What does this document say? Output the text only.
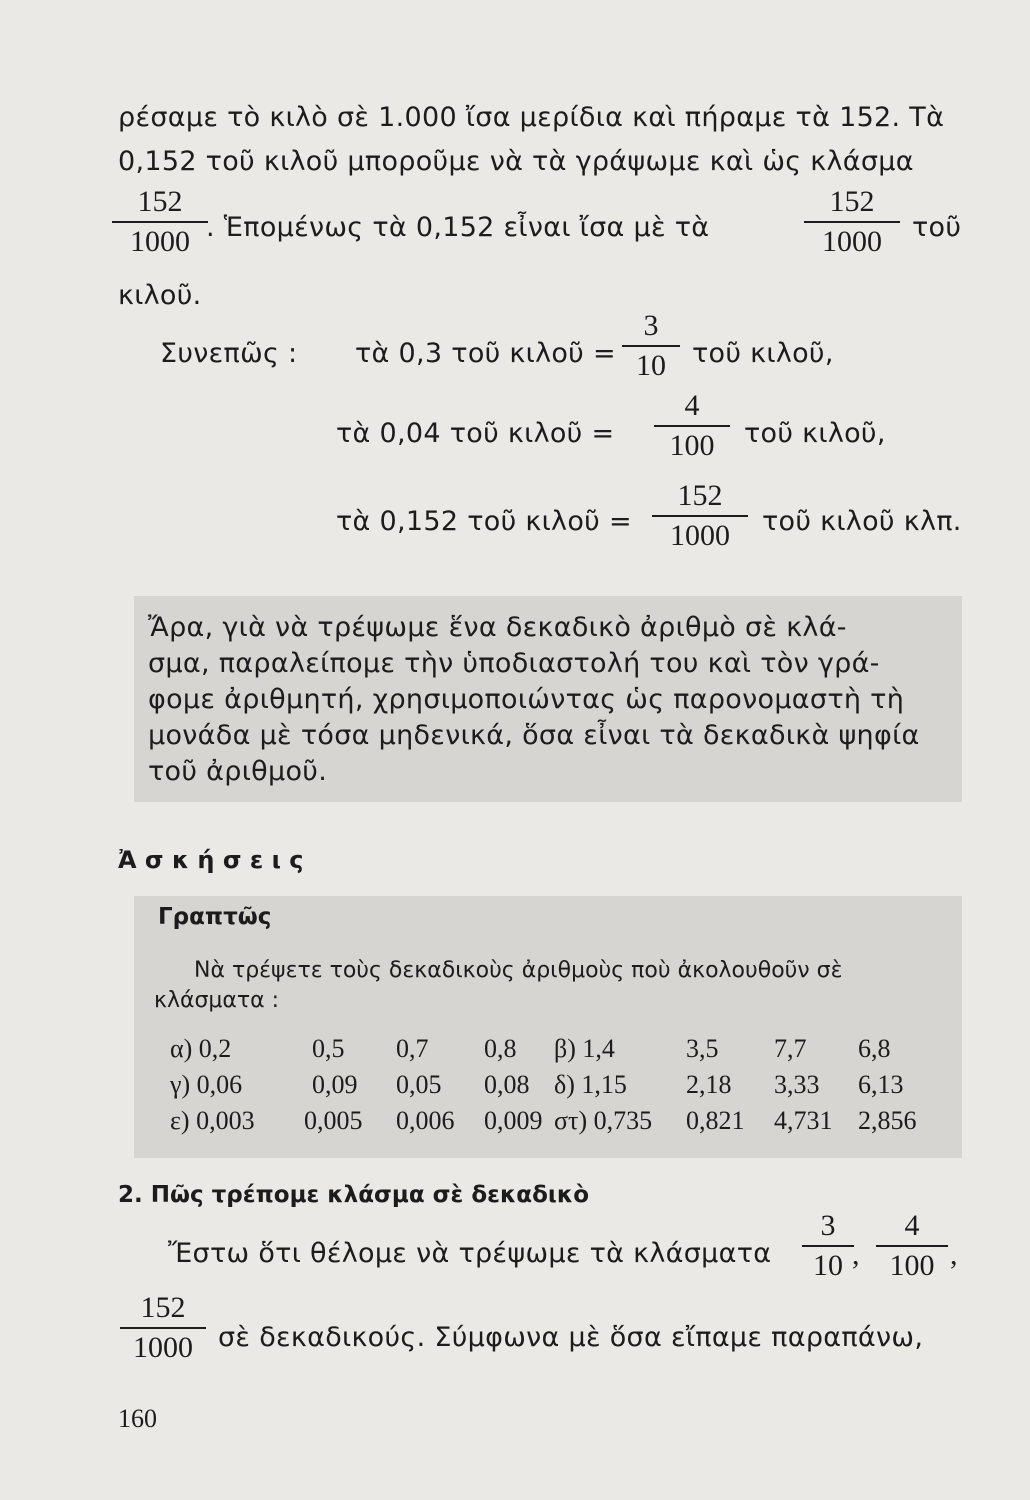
ρέσαμε τὸ κιλὸ σὲ 1.000 ἴσα μερίδια καὶ πήραμε τὰ 152. Τὰ
0,152 τοῦ κιλοῦ μποροῦμε νὰ τὰ γράψωμε καὶ ὡς κλάσμα
152
1000 . Ἑπομένως τὰ 0,152 εἶναι ἴσα μὲ τὰ
152
1000	τοῦ
κιλοῦ.
Συνεπῶς : τὰ 0,3 τοῦ κιλοῦ =
3
10 τοῦ κιλοῦ,
τὰ 0,04 τοῦ κιλοῦ =
4
100	τοῦ κιλοῦ,
τὰ 0,152 τοῦ κιλοῦ =
152
1000	τοῦ κιλοῦ κλπ.
Ἄρα, γιὰ νὰ τρέψωμε ἕνα δεκαδικὸ ἀριθμὸ σὲ κλά-
σμα, παραλείπομε τὴν ὑποδιαστολή του καὶ τὸν γρά-
φομε ἀριθμητή, χρησιμοποιώντας ὡς παρονομαστὴ τὴ
μονάδα μὲ τόσα μηδενικά, ὅσα εἶναι τὰ δεκαδικὰ ψηφία
τοῦ ἀριθμοῦ.
Ἀ σ κ ή σ ε ι ς
Γραπτῶς
Νὰ τρέψετε τοὺς δεκαδικοὺς ἀριθμοὺς ποὺ ἀκολουθοῦν σὲ
κλάσματα :
α) 0,2	0,5 0,7 0,8 β) 1,4	3,5 7,7 6,8
γ) 0,06	0,09 0,05 0,08 δ) 1,15 2,18 3,33 6,13
ε) 0,003 0,005 0,006 0,009 στ) 0,735 0,821 4,731 2,856
2. Πῶς τρέπομε κλάσμα σὲ δεκαδικὸ
Ἔστω ὅτι θέλομε νὰ τρέψωμε τὰ κλάσματα
3
10 ,
4
100 ,
152
1000 σὲ δεκαδικούς. Σύμφωνα μὲ ὅσα εἴπαμε παραπάνω,
160
